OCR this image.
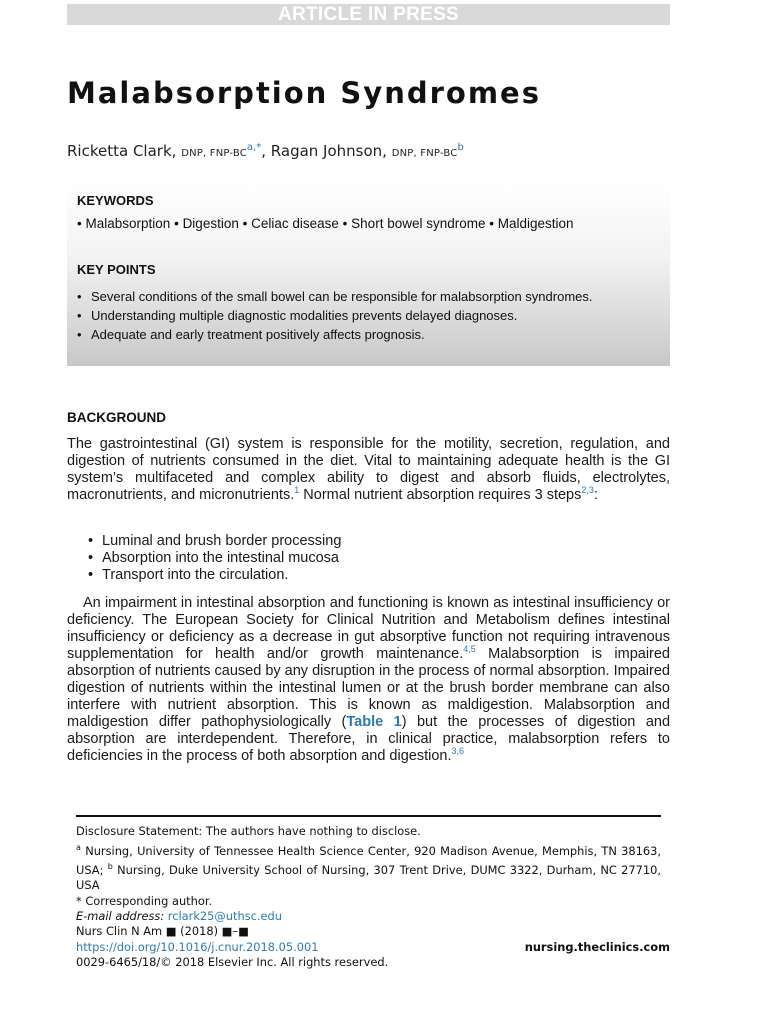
ARTICLE IN PRESS
Malabsorption Syndromes
Ricketta Clark, DNP, FNP-$BC^{a,*}$, Ragan Johnson, DNP, FNP-$BC^b$
KEYWORDS
• Malabsorption • Digestion • Celiac disease • Short bowel syndrome • Maldigestion
KEY POINTS
• Several conditions of the small bowel can be responsible for malabsorption syndromes.
• Understanding multiple diagnostic modalities prevents delayed diagnoses.
• Adequate and early treatment positively affects prognosis.
BACKGROUND

The gastrointestinal (GI) system is responsible for the motility, secretion, regulation, and digestion of nutrients consumed in the diet. Vital to maintaining adequate health is the GI system’s multifaceted and complex ability to digest and absorb fluids, electrolytes, macronutrients, and micronutrients.$^1$ Normal nutrient absorption requires 3 steps$^{2,3}$:

• Luminal and brush border processing
• Absorption into the intestinal mucosa
• Transport into the circulation.

An impairment in intestinal absorption and functioning is known as intestinal insufficiency or deficiency. The European Society for Clinical Nutrition and Metabolism defines intestinal insufficiency or deficiency as a decrease in gut absorptive function not requiring intravenous supplementation for health and/or growth maintenance.$^{4,5}$ Malabsorption is impaired absorption of nutrients caused by any disruption in the process of normal absorption. Impaired digestion of nutrients within the intestinal lumen or at the brush border membrane can also interfere with nutrient absorption. This is known as maldigestion. Malabsorption and maldigestion differ pathophysiologically (Table 1) but the processes of digestion and absorption are interdependent. Therefore, in clinical practice, malabsorption refers to deficiencies in the process of both absorption and digestion.$^{3,6}$

Disclosure Statement: The authors have nothing to disclose.

$^a$ Nursing, University of Tennessee Health Science Center, 920 Madison Avenue, Memphis, TN 38163, USA; $^b$ Nursing, Duke University School of Nursing, 307 Trent Drive, DUMC 3322, Durham, NC 27710, USA

* Corresponding author.

E-mail address: rclark25@uthsc.edu

Nurs Clin N Am ■ (2018) ■–■
https://doi.org/10.1016/j.cnur.2018.05.001	nursing.theclinics.com
0029-6465/18/© 2018 Elsevier Inc. All rights reserved.
